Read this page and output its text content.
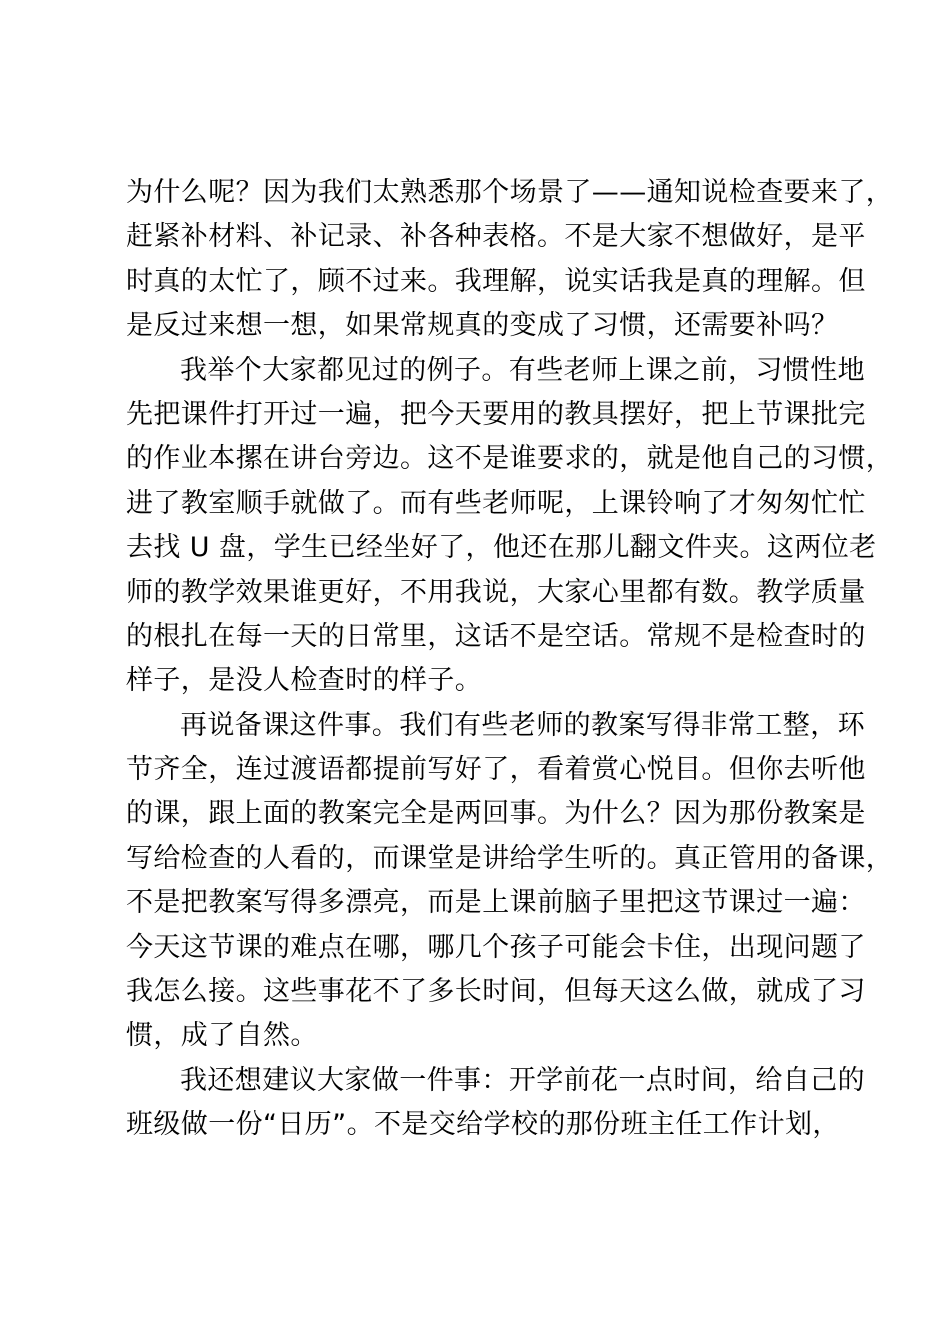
为什么呢？因为我们太熟悉那个场景了——通知说检查要来了，
赶紧补材料、补记录、补各种表格。不是大家不想做好，是平
时真的太忙了，顾不过来。我理解，说实话我是真的理解。但
是反过来想一想，如果常规真的变成了习惯，还需要补吗？
我举个大家都见过的例子。有些老师上课之前，习惯性地
先把课件打开过一遍，把今天要用的教具摆好，把上节课批完
的作业本摞在讲台旁边。这不是谁要求的，就是他自己的习惯，
进了教室顺手就做了。而有些老师呢，上课铃响了才匆匆忙忙
去找 U 盘，学生已经坐好了，他还在那儿翻文件夹。这两位老
师的教学效果谁更好，不用我说，大家心里都有数。教学质量
的根扎在每一天的日常里，这话不是空话。常规不是检查时的
样子，是没人检查时的样子。
再说备课这件事。我们有些老师的教案写得非常工整，环
节齐全，连过渡语都提前写好了，看着赏心悦目。但你去听他
的课，跟上面的教案完全是两回事。为什么？因为那份教案是
写给检查的人看的，而课堂是讲给学生听的。真正管用的备课，
不是把教案写得多漂亮，而是上课前脑子里把这节课过一遍：
今天这节课的难点在哪，哪几个孩子可能会卡住，出现问题了
我怎么接。这些事花不了多长时间，但每天这么做，就成了习
惯，成了自然。
我还想建议大家做一件事：开学前花一点时间，给自己的
班级做一份“日历”。不是交给学校的那份班主任工作计划，
